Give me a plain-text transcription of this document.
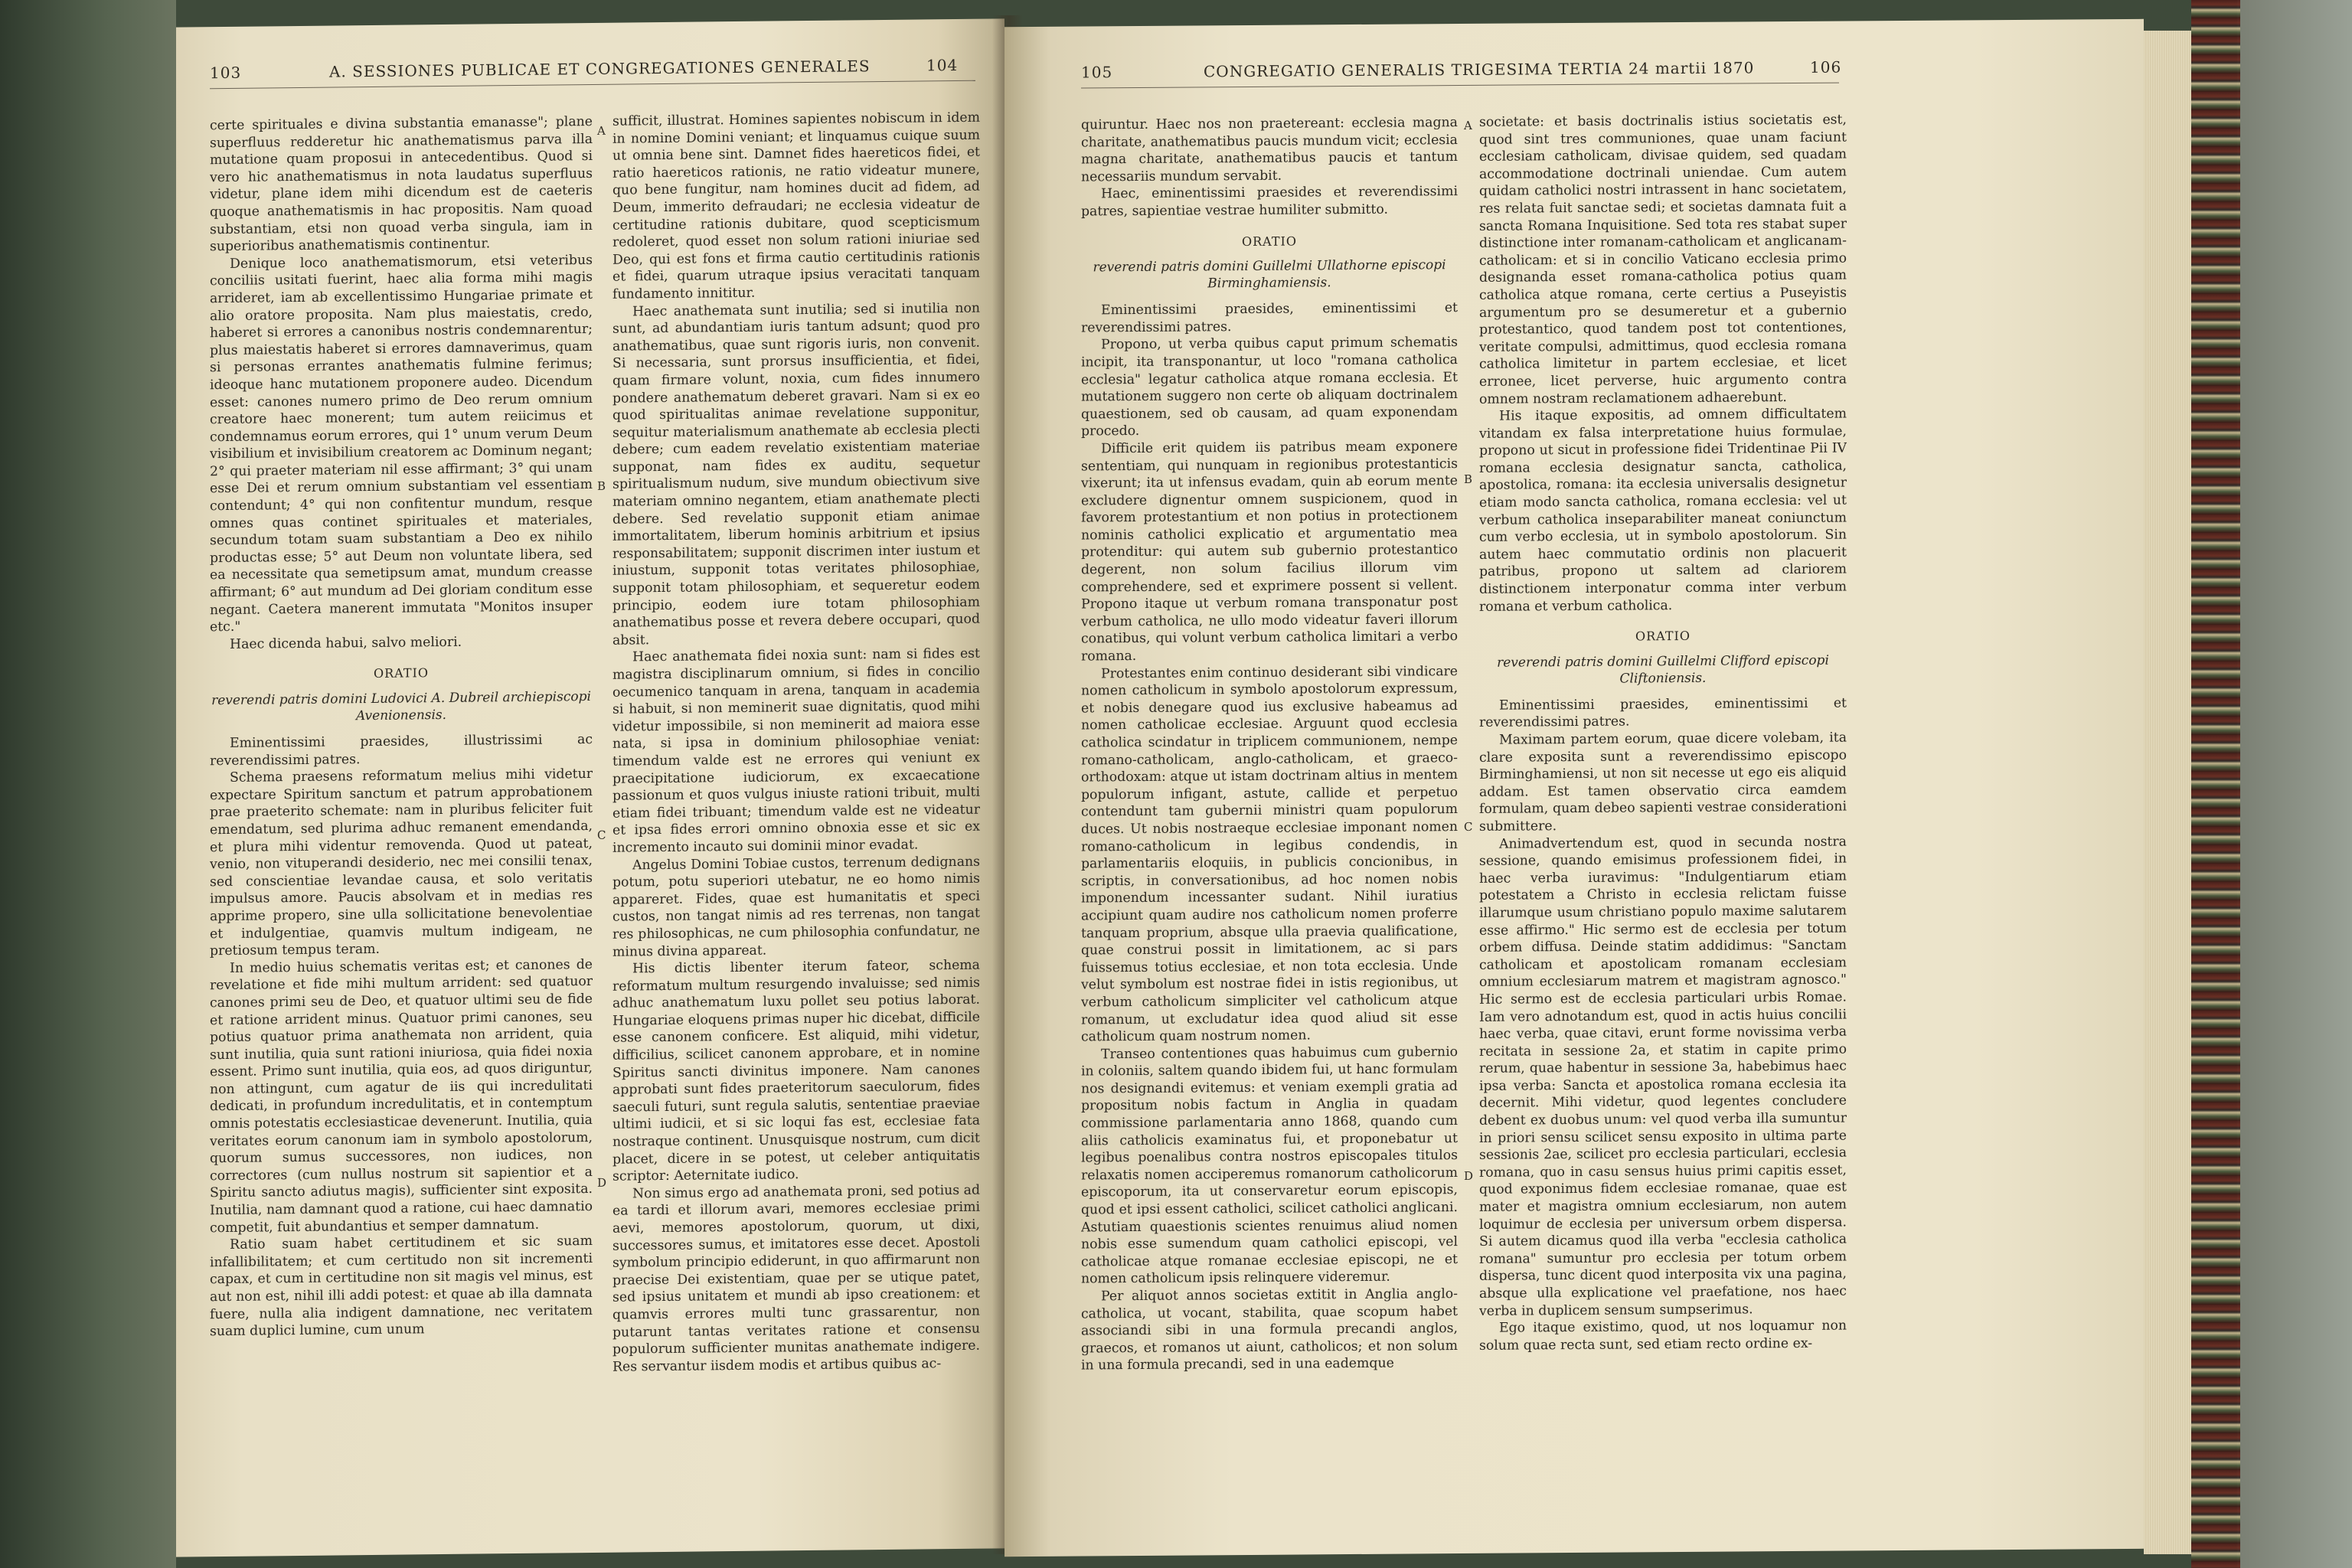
103	A. SESSIONES PUBLICAE ET CONGREGATIONES GENERALES	104

certe spirituales e divina substantia emanasse"; plane superfluus redderetur hic anathematismus parva illa mutatione quam proposui in antecedentibus. Quod si vero hic anathematismus in nota laudatus superfluus videtur, plane idem mihi dicendum est de caeteris quoque anathematismis in hac propositis. Nam quoad substantiam, etsi non quoad verba singula, iam in superioribus anathematismis continentur.

Denique loco anathematismorum, etsi veteribus conciliis usitati fuerint, haec alia forma mihi magis arrideret, iam ab excellentissimo Hungariae primate et alio oratore proposita. Nam plus maiestatis, credo, haberet si errores a canonibus nostris condemnarentur; plus maiestatis haberet si errores damnaverimus, quam si personas errantes anathematis fulmine ferimus; ideoque hanc mutationem proponere audeo. Dicendum esset: canones numero primo de Deo rerum omnium creatore haec monerent; tum autem reiicimus et condemnamus eorum errores, qui 1° unum verum Deum visibilium et invisibilium creatorem ac Dominum negant; 2° qui praeter materiam nil esse affirmant; 3° qui unam esse Dei et rerum omnium substantiam vel essentiam contendunt; 4° qui non confitentur mundum, resque omnes quas continet spirituales et materiales, secundum totam suam substantiam a Deo ex nihilo productas esse; 5° aut Deum non voluntate libera, sed ea necessitate qua semetipsum amat, mundum creasse affirmant; 6° aut mundum ad Dei gloriam conditum esse negant. Caetera manerent immutata "Monitos insuper etc."

Haec dicenda habui, salvo meliori.

ORATIO
reverendi patris domini Ludovici A. Dubreil archiepiscopi Avenionensis.

Eminentissimi praesides, illustrissimi ac reverendissimi patres.

Schema praesens reformatum melius mihi videtur expectare Spiritum sanctum et patrum approbationem prae praeterito schemate: nam in pluribus feliciter fuit emendatum, sed plurima adhuc remanent emendanda, et plura mihi videntur removenda. Quod ut pateat, venio, non vituperandi desiderio, nec mei consilii tenax, sed conscientiae levandae causa, et solo veritatis impulsus amore. Paucis absolvam et in medias res apprime propero, sine ulla sollicitatione benevolentiae et indulgentiae, quamvis multum indigeam, ne pretiosum tempus teram.

In medio huius schematis veritas est; et canones de revelatione et fide mihi multum arrident: sed quatuor canones primi seu de Deo, et quatuor ultimi seu de fide et ratione arrident minus. Quatuor primi canones, seu potius quatuor prima anathemata non arrident, quia sunt inutilia, quia sunt rationi iniuriosa, quia fidei noxia essent. Primo sunt inutilia, quia eos, ad quos diriguntur, non attingunt, cum agatur de iis qui incredulitati dedicati, in profundum incredulitatis, et in contemptum omnis potestatis ecclesiasticae devenerunt. Inutilia, quia veritates eorum canonum iam in symbolo apostolorum, quorum sumus successores, non iudices, non correctores (cum nullus nostrum sit sapientior et a Spiritu sancto adiutus magis), sufficienter sint exposita. Inutilia, nam damnant quod a ratione, cui haec damnatio competit, fuit abundantius et semper damnatum.

Ratio suam habet certitudinem et sic suam infallibilitatem; et cum certitudo non sit incrementi capax, et cum in certitudine non sit magis vel minus, est aut non est, nihil illi addi potest: et quae ab illa damnata fuere, nulla alia indigent damnatione, nec veritatem suam duplici lumine, cum unum

sufficit, illustrat. Homines sapientes nobiscum in idem in nomine Domini veniant; et linquamus cuique suum ut omnia bene sint. Damnet fides haereticos fidei, et ratio haereticos rationis, ne ratio videatur munere, quo bene fungitur, nam homines ducit ad fidem, ad Deum, immerito defraudari; ne ecclesia videatur de certitudine rationis dubitare, quod scepticismum redoleret, quod esset non solum rationi iniuriae sed Deo, qui est fons et firma cautio certitudinis rationis et fidei, quarum utraque ipsius veracitati tanquam fundamento innititur.

Haec anathemata sunt inutilia; sed si inutilia non sunt, ad abundantiam iuris tantum adsunt; quod pro anathematibus, quae sunt rigoris iuris, non convenit. Si necessaria, sunt prorsus insufficientia, et fidei, quam firmare volunt, noxia, cum fides innumero pondere anathematum deberet gravari. Nam si ex eo quod spiritualitas animae revelatione supponitur, sequitur materialismum anathemate ab ecclesia plecti debere; cum eadem revelatio existentiam materiae supponat, nam fides ex auditu, sequetur spiritualismum nudum, sive mundum obiectivum sive materiam omnino negantem, etiam anathemate plecti debere. Sed revelatio supponit etiam animae immortalitatem, liberum hominis arbitrium et ipsius responsabilitatem; supponit discrimen inter iustum et iniustum, supponit totas veritates philosophiae, supponit totam philosophiam, et sequeretur eodem principio, eodem iure totam philosophiam anathematibus posse et revera debere occupari, quod absit.

Haec anathemata fidei noxia sunt: nam si fides est magistra disciplinarum omnium, si fides in concilio oecumenico tanquam in arena, tanquam in academia si habuit, si non meminerit suae dignitatis, quod mihi videtur impossibile, si non meminerit ad maiora esse nata, si ipsa in dominium philosophiae veniat: timendum valde est ne errores qui veniunt ex praecipitatione iudiciorum, ex excaecatione passionum et quos vulgus iniuste rationi tribuit, multi etiam fidei tribuant; timendum valde est ne videatur et ipsa fides errori omnino obnoxia esse et sic ex incremento incauto sui dominii minor evadat.

Angelus Domini Tobiae custos, terrenum dedignans potum, potu superiori utebatur, ne eo homo nimis appareret. Fides, quae est humanitatis et speci custos, non tangat nimis ad res terrenas, non tangat res philosophicas, ne cum philosophia confundatur, ne minus divina appareat.

His dictis libenter iterum fateor, schema reformatum multum resurgendo invaluisse; sed nimis adhuc anathematum luxu pollet seu potius laborat. Hungariae eloquens primas nuper hic dicebat, difficile esse canonem conficere. Est aliquid, mihi videtur, difficilius, scilicet canonem approbare, et in nomine Spiritus sancti divinitus imponere. Nam canones approbati sunt fides praeteritorum saeculorum, fides saeculi futuri, sunt regula salutis, sententiae praeviae ultimi iudicii, et si sic loqui fas est, ecclesiae fata nostraque continent. Unusquisque nostrum, cum dicit placet, dicere in se potest, ut celeber antiquitatis scriptor: Aeternitate iudico.

Non simus ergo ad anathemata proni, sed potius ad ea tardi et illorum avari, memores ecclesiae primi aevi, memores apostolorum, quorum, ut dixi, successores sumus, et imitatores esse decet. Apostoli symbolum principio ediderunt, in quo affirmarunt non praecise Dei existentiam, quae per se utique patet, sed ipsius unitatem et mundi ab ipso creationem: et quamvis errores multi tunc grassarentur, non putarunt tantas veritates ratione et consensu populorum sufficienter munitas anathemate indigere. Res servantur iisdem modis et artibus quibus ac-

A
B
C
D
105	CONGREGATIO GENERALIS TRIGESIMA TERTIA 24 martii 1870	106

quiruntur. Haec nos non praetereant: ecclesia magna charitate, anathematibus paucis mundum vicit; ecclesia magna charitate, anathematibus paucis et tantum necessariis mundum servabit.

Haec, eminentissimi praesides et reverendissimi patres, sapientiae vestrae humiliter submitto.

ORATIO
reverendi patris domini Guillelmi Ullathorne episcopi Birminghamiensis.

Eminentissimi praesides, eminentissimi et reverendissimi patres.

Propono, ut verba quibus caput primum schematis incipit, ita transponantur, ut loco "romana catholica ecclesia" legatur catholica atque romana ecclesia. Et mutationem suggero non certe ob aliquam doctrinalem quaestionem, sed ob causam, ad quam exponendam procedo.

Difficile erit quidem iis patribus meam exponere sententiam, qui nunquam in regionibus protestanticis vixerunt; ita ut infensus evadam, quin ab eorum mente excludere dignentur omnem suspicionem, quod in favorem protestantium et non potius in protectionem nominis catholici explicatio et argumentatio mea protenditur: qui autem sub gubernio protestantico degerent, non solum facilius illorum vim comprehendere, sed et exprimere possent si vellent. Propono itaque ut verbum romana transponatur post verbum catholica, ne ullo modo videatur faveri illorum conatibus, qui volunt verbum catholica limitari a verbo romana.

Protestantes enim continuo desiderant sibi vindicare nomen catholicum in symbolo apostolorum expressum, et nobis denegare quod ius exclusive habeamus ad nomen catholicae ecclesiae. Arguunt quod ecclesia catholica scindatur in triplicem communionem, nempe romano-catholicam, anglo-catholicam, et graeco-orthodoxam: atque ut istam doctrinam altius in mentem populorum infigant, astute, callide et perpetuo contendunt tam gubernii ministri quam populorum duces. Ut nobis nostraeque ecclesiae imponant nomen romano-catholicum in legibus condendis, in parlamentariis eloquiis, in publicis concionibus, in scriptis, in conversationibus, ad hoc nomen nobis imponendum incessanter sudant. Nihil iuratius accipiunt quam audire nos catholicum nomen proferre tanquam proprium, absque ulla praevia qualificatione, quae construi possit in limitationem, ac si pars fuissemus totius ecclesiae, et non tota ecclesia. Unde velut symbolum est nostrae fidei in istis regionibus, ut verbum catholicum simpliciter vel catholicum atque romanum, ut excludatur idea quod aliud sit esse catholicum quam nostrum nomen.

Transeo contentiones quas habuimus cum gubernio in coloniis, saltem quando ibidem fui, ut hanc formulam nos designandi evitemus: et veniam exempli gratia ad propositum nobis factum in Anglia in quadam commissione parlamentaria anno 1868, quando cum aliis catholicis examinatus fui, et proponebatur ut legibus poenalibus contra nostros episcopales titulos relaxatis nomen acciperemus romanorum catholicorum episcoporum, ita ut conservaretur eorum episcopis, quod et ipsi essent catholici, scilicet catholici anglicani. Astutiam quaestionis scientes renuimus aliud nomen nobis esse sumendum quam catholici episcopi, vel catholicae atque romanae ecclesiae episcopi, ne et nomen catholicum ipsis relinquere videremur.

Per aliquot annos societas extitit in Anglia anglo-catholica, ut vocant, stabilita, quae scopum habet associandi sibi in una formula precandi anglos, graecos, et romanos ut aiunt, catholicos; et non solum in una formula precandi, sed in una eademque

societate: et basis doctrinalis istius societatis est, quod sint tres communiones, quae unam faciunt ecclesiam catholicam, divisae quidem, sed quadam accommodatione doctrinali uniendae. Cum autem quidam catholici nostri intrassent in hanc societatem, res relata fuit sanctae sedi; et societas damnata fuit a sancta Romana Inquisitione. Sed tota res stabat super distinctione inter romanam-catholicam et anglicanam-catholicam: et si in concilio Vaticano ecclesia primo designanda esset romana-catholica potius quam catholica atque romana, certe certius a Puseyistis argumentum pro se desumeretur et a gubernio protestantico, quod tandem post tot contentiones, veritate compulsi, admittimus, quod ecclesia romana catholica limitetur in partem ecclesiae, et licet erronee, licet perverse, huic argumento contra omnem nostram reclamationem adhaerebunt.

His itaque expositis, ad omnem difficultatem vitandam ex falsa interpretatione huius formulae, propono ut sicut in professione fidei Tridentinae Pii IV romana ecclesia designatur sancta, catholica, apostolica, romana: ita ecclesia universalis designetur etiam modo sancta catholica, romana ecclesia: vel ut verbum catholica inseparabiliter maneat coniunctum cum verbo ecclesia, ut in symbolo apostolorum. Sin autem haec commutatio ordinis non placuerit patribus, propono ut saltem ad clariorem distinctionem interponatur comma inter verbum romana et verbum catholica.

ORATIO
reverendi patris domini Guillelmi Clifford episcopi Cliftoniensis.

Eminentissimi praesides, eminentissimi et reverendissimi patres.

Maximam partem eorum, quae dicere volebam, ita clare exposita sunt a reverendissimo episcopo Birminghamiensi, ut non sit necesse ut ego eis aliquid addam. Est tamen observatio circa eamdem formulam, quam debeo sapienti vestrae considerationi submittere.

Animadvertendum est, quod in secunda nostra sessione, quando emisimus professionem fidei, in haec verba iuravimus: "Indulgentiarum etiam potestatem a Christo in ecclesia relictam fuisse illarumque usum christiano populo maxime salutarem esse affirmo." Hic sermo est de ecclesia per totum orbem diffusa. Deinde statim addidimus: "Sanctam catholicam et apostolicam romanam ecclesiam omnium ecclesiarum matrem et magistram agnosco." Hic sermo est de ecclesia particulari urbis Romae. Iam vero adnotandum est, quod in actis huius concilii haec verba, quae citavi, erunt forme novissima verba recitata in sessione 2a, et statim in capite primo rerum, quae habentur in sessione 3a, habebimus haec ipsa verba: Sancta et apostolica romana ecclesia ita decernit. Mihi videtur, quod legentes concludere debent ex duobus unum: vel quod verba illa sumuntur in priori sensu scilicet sensu exposito in ultima parte sessionis 2ae, scilicet pro ecclesia particulari, ecclesia romana, quo in casu sensus huius primi capitis esset, quod exponimus fidem ecclesiae romanae, quae est mater et magistra omnium ecclesiarum, non autem loquimur de ecclesia per universum orbem dispersa. Si autem dicamus quod illa verba "ecclesia catholica romana" sumuntur pro ecclesia per totum orbem dispersa, tunc dicent quod interposita vix una pagina, absque ulla explicatione vel praefatione, nos haec verba in duplicem sensum sumpserimus.

Ego itaque existimo, quod, ut nos loquamur non solum quae recta sunt, sed etiam recto ordine ex-

A
B
C
D
